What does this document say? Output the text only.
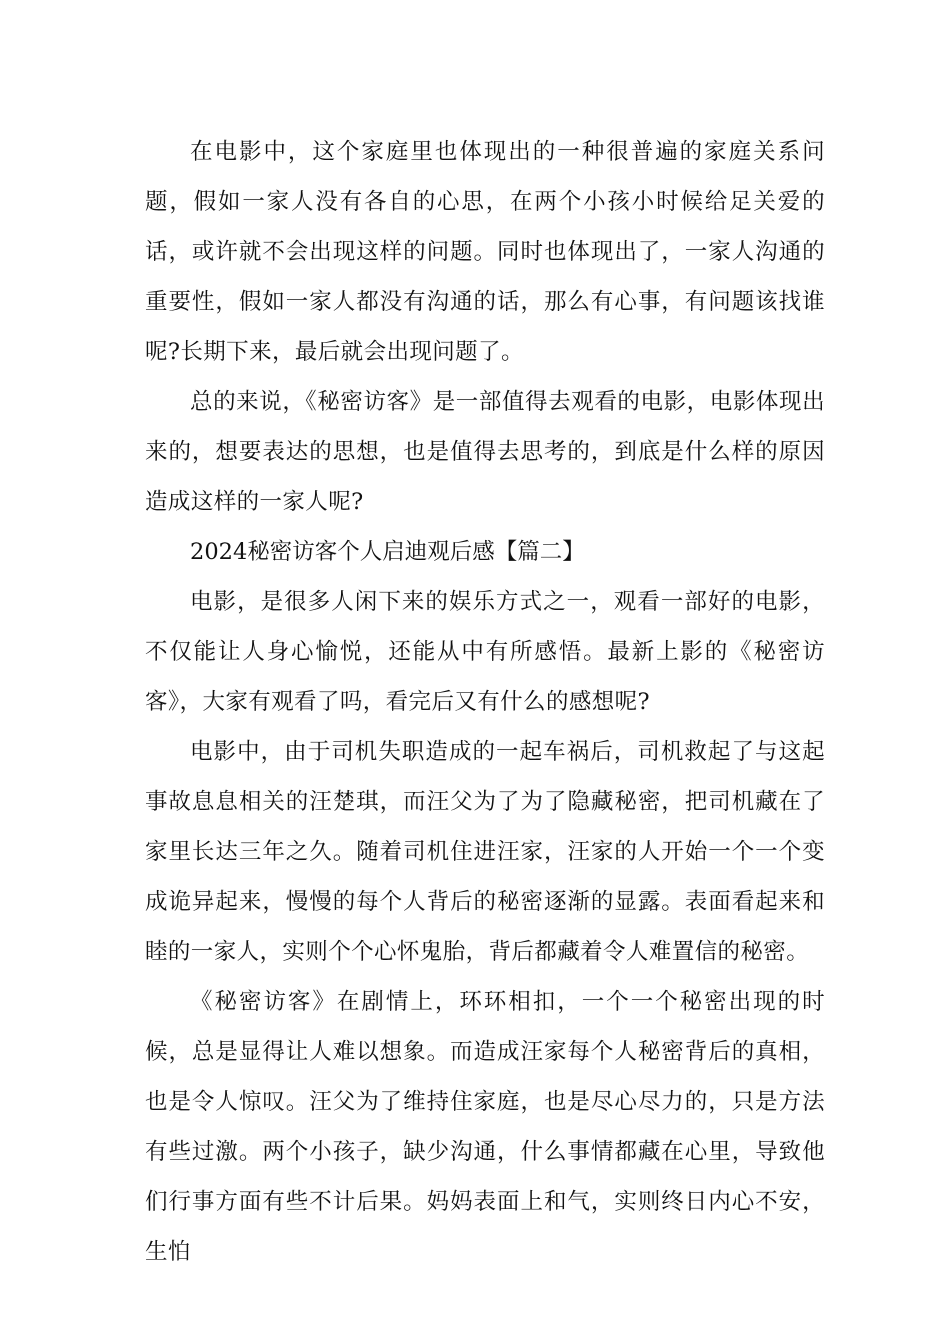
在电影中，这个家庭里也体现出的一种很普遍的家庭关系问题，假如一家人没有各自的心思，在两个小孩小时候给足关爱的话，或许就不会出现这样的问题。同时也体现出了，一家人沟通的重要性，假如一家人都没有沟通的话，那么有心事，有问题该找谁呢?长期下来，最后就会出现问题了。

总的来说，《秘密访客》是一部值得去观看的电影，电影体现出来的，想要表达的思想，也是值得去思考的，到底是什么样的原因造成这样的一家人呢?

2024秘密访客个人启迪观后感【篇二】

电影，是很多人闲下来的娱乐方式之一，观看一部好的电影，不仅能让人身心愉悦，还能从中有所感悟。最新上影的《秘密访客》，大家有观看了吗，看完后又有什么的感想呢?

电影中，由于司机失职造成的一起车祸后，司机救起了与这起事故息息相关的汪楚琪，而汪父为了为了隐藏秘密，把司机藏在了家里长达三年之久。随着司机住进汪家，汪家的人开始一个一个变成诡异起来，慢慢的每个人背后的秘密逐渐的显露。表面看起来和睦的一家人，实则个个心怀鬼胎，背后都藏着令人难置信的秘密。

《秘密访客》在剧情上，环环相扣，一个一个秘密出现的时候，总是显得让人难以想象。而造成汪家每个人秘密背后的真相，也是令人惊叹。汪父为了维持住家庭，也是尽心尽力的，只是方法有些过激。两个小孩子，缺少沟通，什么事情都藏在心里，导致他们行事方面有些不计后果。妈妈表面上和气，实则终日内心不安，生怕
